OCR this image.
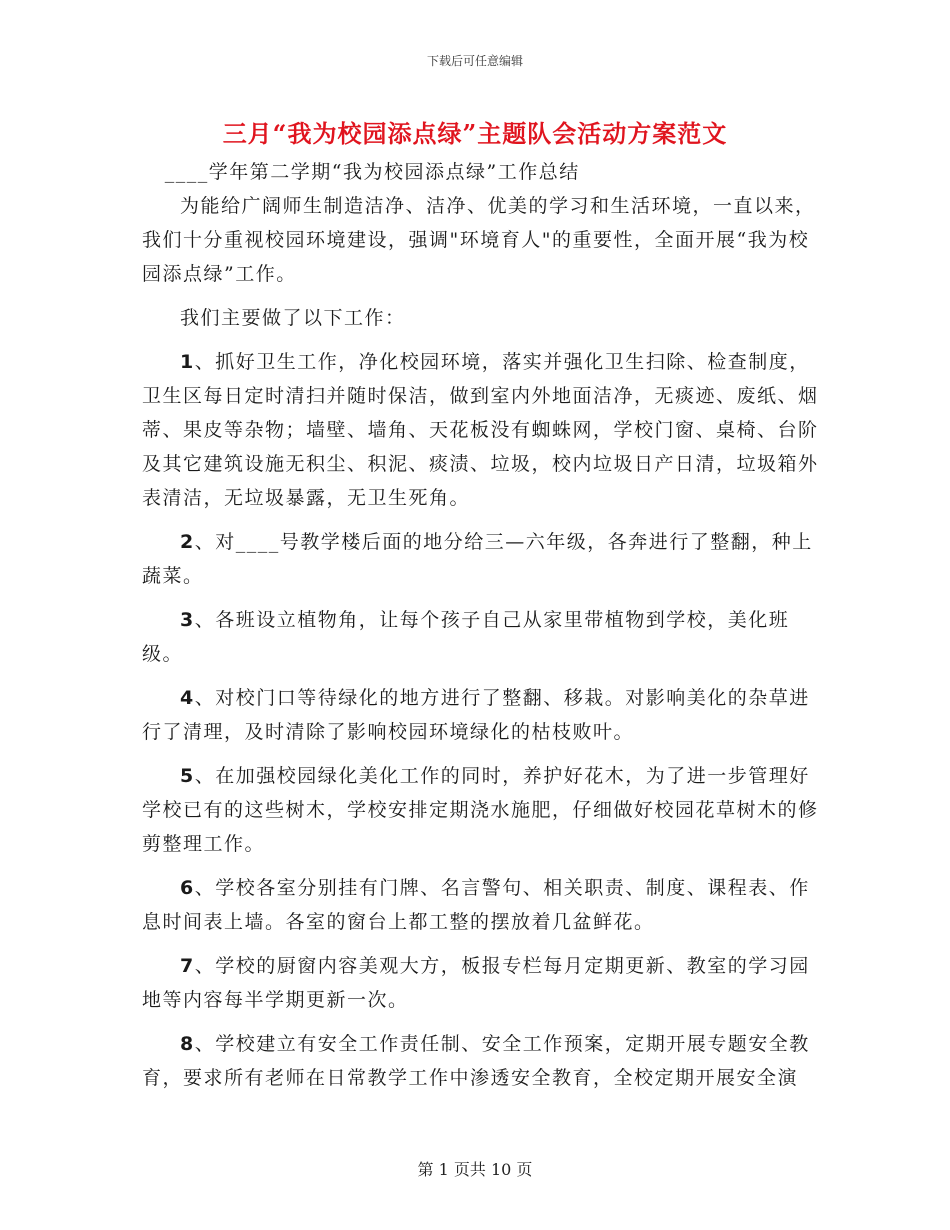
下载后可任意编辑
三月“我为校园添点绿”主题队会活动方案范文

____学年第二学期“我为校园添点绿”工作总结

为能给广阔师生制造洁净、洁净、优美的学习和生活环境，一直以来，我们十分重视校园环境建设，强调"环境育人"的重要性，全面开展“我为校园添点绿”工作。

我们主要做了以下工作：

1、抓好卫生工作，净化校园环境，落实并强化卫生扫除、检查制度，卫生区每日定时清扫并随时保洁，做到室内外地面洁净，无痰迹、废纸、烟蒂、果皮等杂物；墙壁、墙角、天花板没有蜘蛛网，学校门窗、桌椅、台阶及其它建筑设施无积尘、积泥、痰渍、垃圾，校内垃圾日产日清，垃圾箱外表清洁，无垃圾暴露，无卫生死角。

2、对____号教学楼后面的地分给三—六年级，各奔进行了整翻，种上蔬菜。

3、各班设立植物角，让每个孩子自己从家里带植物到学校，美化班级。

4、对校门口等待绿化的地方进行了整翻、移栽。对影响美化的杂草进行了清理，及时清除了影响校园环境绿化的枯枝败叶。

5、在加强校园绿化美化工作的同时，养护好花木，为了进一步管理好学校已有的这些树木，学校安排定期浇水施肥，仔细做好校园花草树木的修剪整理工作。

6、学校各室分别挂有门牌、名言警句、相关职责、制度、课程表、作息时间表上墙。各室的窗台上都工整的摆放着几盆鲜花。

7、学校的厨窗内容美观大方，板报专栏每月定期更新、教室的学习园地等内容每半学期更新一次。

8、学校建立有安全工作责任制、安全工作预案，定期开展专题安全教育，要求所有老师在日常教学工作中渗透安全教育，全校定期开展安全演

第 1 页共 10 页
